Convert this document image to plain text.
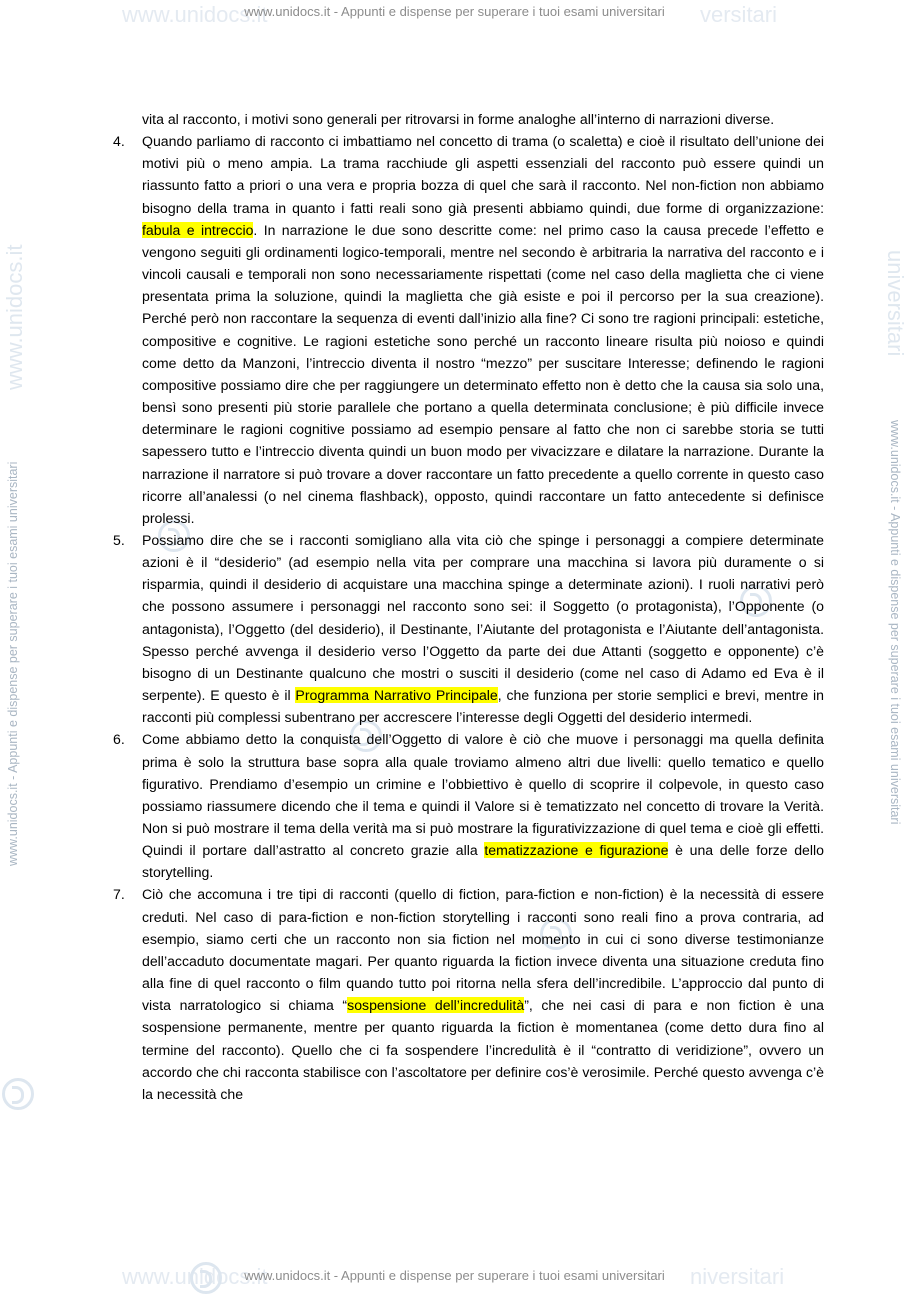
www.unidocs.it	versitari
www.unidocs.it	niversitari
www.unidocs.it	universitari
www.unidocs.it - Appunti e dispense per superare i tuoi esami universitari
www.unidocs.it - Appunti e dispense per superare i tuoi esami universitari	www.unidocs.it - Appunti e dispense per superare i tuoi esami universitari

vita al racconto, i motivi sono generali per ritrovarsi in forme analoghe all’interno di narrazioni diverse.

4. Quando parliamo di racconto ci imbattiamo nel concetto di trama (o scaletta) e cioè il risultato dell’unione dei motivi più o meno ampia. La trama racchiude gli aspetti essenziali del racconto può essere quindi un riassunto fatto a priori o una vera e propria bozza di quel che sarà il racconto. Nel non-fiction non abbiamo bisogno della trama in quanto i fatti reali sono già presenti abbiamo quindi, due forme di organizzazione: fabula e intreccio. In narrazione le due sono descritte come: nel primo caso la causa precede l’effetto e vengono seguiti gli ordinamenti logico-temporali, mentre nel secondo è arbitraria la narrativa del racconto e i vincoli causali e temporali non sono necessariamente rispettati (come nel caso della maglietta che ci viene presentata prima la soluzione, quindi la maglietta che già esiste e poi il percorso per la sua creazione). Perché però non raccontare la sequenza di eventi dall’inizio alla fine? Ci sono tre ragioni principali: estetiche, compositive e cognitive. Le ragioni estetiche sono perché un racconto lineare risulta più noioso e quindi come detto da Manzoni, l’intreccio diventa il nostro “mezzo” per suscitare Interesse; definendo le ragioni compositive possiamo dire che per raggiungere un determinato effetto non è detto che la causa sia solo una, bensì sono presenti più storie parallele che portano a quella determinata conclusione; è più difficile invece determinare le ragioni cognitive possiamo ad esempio pensare al fatto che non ci sarebbe storia se tutti sapessero tutto e l’intreccio diventa quindi un buon modo per vivacizzare e dilatare la narrazione. Durante la narrazione il narratore si può trovare a dover raccontare un fatto precedente a quello corrente in questo caso ricorre all’analessi (o nel cinema flashback), opposto, quindi raccontare un fatto antecedente si definisce prolessi.

5. Possiamo dire che se i racconti somigliano alla vita ciò che spinge i personaggi a compiere determinate azioni è il “desiderio” (ad esempio nella vita per comprare una macchina si lavora più duramente o si risparmia, quindi il desiderio di acquistare una macchina spinge a determinate azioni). I ruoli narrativi però che possono assumere i personaggi nel racconto sono sei: il Soggetto (o protagonista), l’Opponente (o antagonista), l’Oggetto (del desiderio), il Destinante, l’Aiutante del protagonista e l’Aiutante dell’antagonista. Spesso perché avvenga il desiderio verso l’Oggetto da parte dei due Attanti (soggetto e opponente) c’è bisogno di un Destinante qualcuno che mostri o susciti il desiderio (come nel caso di Adamo ed Eva è il serpente). E questo è il Programma Narrativo Principale, che funziona per storie semplici e brevi, mentre in racconti più complessi subentrano per accrescere l’interesse degli Oggetti del desiderio intermedi.

6. Come abbiamo detto la conquista dell’Oggetto di valore è ciò che muove i personaggi ma quella definita prima è solo la struttura base sopra alla quale troviamo almeno altri due livelli: quello tematico e quello figurativo. Prendiamo d’esempio un crimine e l’obbiettivo è quello di scoprire il colpevole, in questo caso possiamo riassumere dicendo che il tema e quindi il Valore si è tematizzato nel concetto di trovare la Verità. Non si può mostrare il tema della verità ma si può mostrare la figurativizzazione di quel tema e cioè gli effetti. Quindi il portare dall’astratto al concreto grazie alla tematizzazione e figurazione è una delle forze dello storytelling.

7. Ciò che accomuna i tre tipi di racconti (quello di fiction, para-fiction e non-fiction) è la necessità di essere creduti. Nel caso di para-fiction e non-fiction storytelling i racconti sono reali fino a prova contraria, ad esempio, siamo certi che un racconto non sia fiction nel momento in cui ci sono diverse testimonianze dell’accaduto documentate magari. Per quanto riguarda la fiction invece diventa una situazione creduta fino alla fine di quel racconto o film quando tutto poi ritorna nella sfera dell’incredibile. L’approccio dal punto di vista narratologico si chiama “sospensione dell’incredulità”, che nei casi di para e non fiction è una sospensione permanente, mentre per quanto riguarda la fiction è momentanea (come detto dura fino al termine del racconto). Quello che ci fa sospendere l’incredulità è il “contratto di veridizione”, ovvero un accordo che chi racconta stabilisce con l’ascoltatore per definire cos’è verosimile. Perché questo avvenga c’è la necessità che

www.unidocs.it - Appunti e dispense per superare i tuoi esami universitari
